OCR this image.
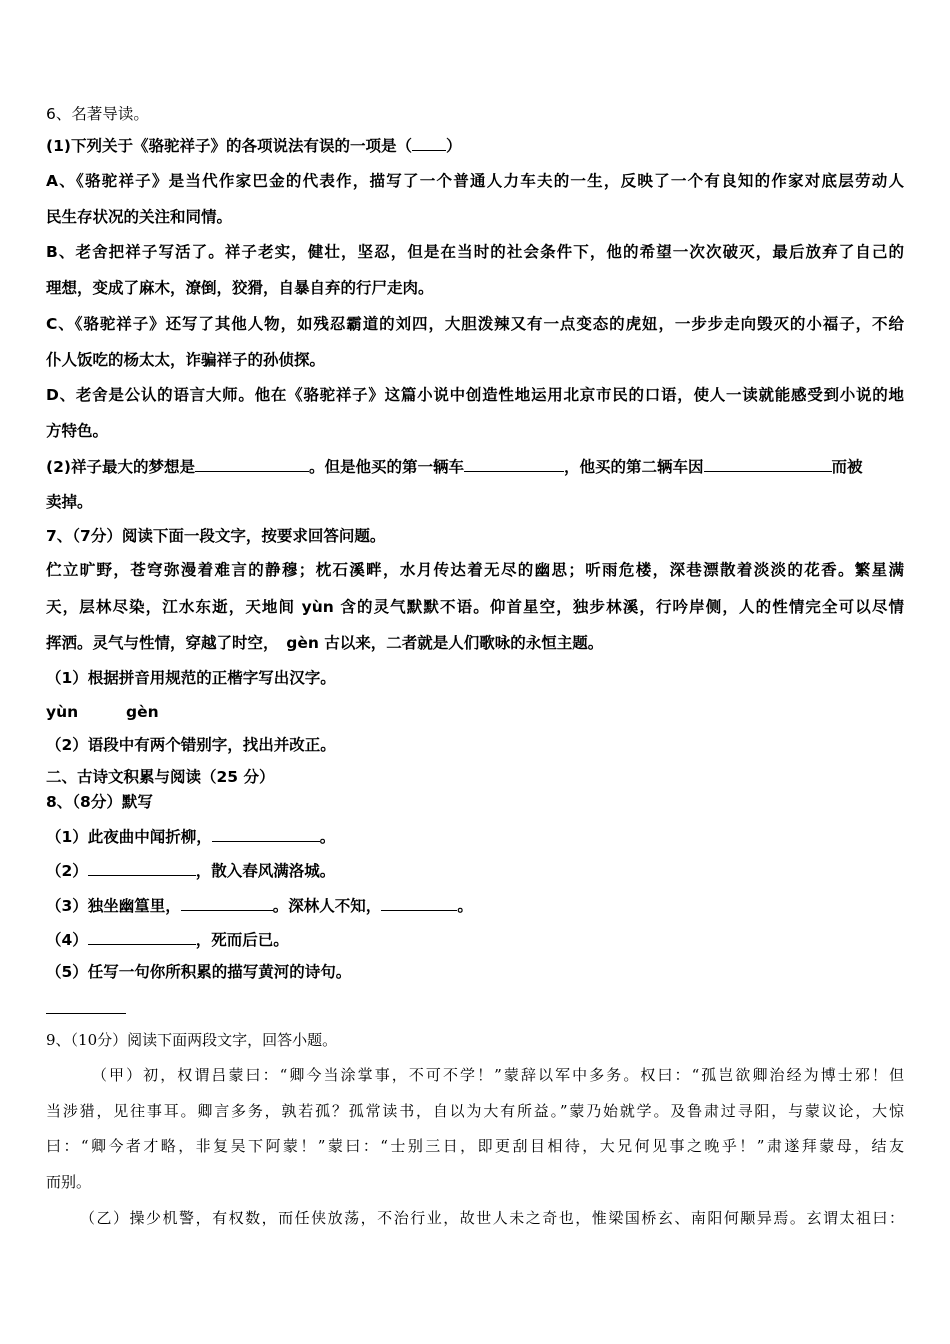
6、名著导读。
(1)下列关于《骆驼祥子》的各项说法有误的一项是（ ）
A、《骆驼祥子》是当代作家巴金的代表作，描写了一个普通人力车夫的一生，反映了一个有良知的作家对底层劳动人
民生存状况的关注和同情。
B、老舍把祥子写活了。祥子老实，健壮，坚忍，但是在当时的社会条件下，他的希望一次次破灭，最后放弃了自己的
理想，变成了麻木，潦倒，狡猾，自暴自弃的行尸走肉。
C、《骆驼祥子》还写了其他人物，如残忍霸道的刘四，大胆泼辣又有一点变态的虎妞，一步步走向毁灭的小福子，不给
仆人饭吃的杨太太，诈骗祥子的孙侦探。
D、老舍是公认的语言大师。他在《骆驼祥子》这篇小说中创造性地运用北京市民的口语，使人一读就能感受到小说的地
方特色。
(2)祥子最大的梦想是	。但是他买的第一辆车	，他买的第二辆车因	而被
卖掉。
7、（7分）阅读下面一段文字，按要求回答问题。
伫立旷野，苍穹弥漫着难言的静穆；枕石溪畔，水月传达着无尽的幽思；听雨危楼，深巷漂散着淡淡的花香。繁星满
天，层林尽染，江水东逝，天地间 yùn 含的灵气默默不语。仰首星空，独步林溪，行吟岸侧，人的性情完全可以尽情
挥洒。灵气与性情，穿越了时空，　gèn 古以来，二者就是人们歌咏的永恒主题。
（1）根据拼音用规范的正楷字写出汉字。
yùn	gèn
（2）语段中有两个错别字，找出并改正。
二、古诗文积累与阅读（25 分）
8、（8分）默写
（1）此夜曲中闻折柳，	。
（2）	，散入春风满洛城。
（3）独坐幽篁里，	。深林人不知，	。
（4）	，死而后已。
（5）任写一句你所积累的描写黄河的诗句。
9、（10分）阅读下面两段文字，回答小题。
（甲）初，权谓吕蒙曰：“卿今当涂掌事，不可不学！”蒙辞以军中多务。权曰：“孤岂欲卿治经为博士邪！但
当涉猎，见往事耳。卿言多务，孰若孤？孤常读书，自以为大有所益。”蒙乃始就学。及鲁肃过寻阳，与蒙议论，大惊
曰：“卿今者才略，非复吴下阿蒙！”蒙曰：“士别三日，即更刮目相待，大兄何见事之晚乎！”肃遂拜蒙母，结友
而别。
（乙）操少机警，有权数，而任侠放荡，不治行业，故世人未之奇也，惟梁国桥玄、南阳何颙异焉。玄谓太祖曰：
